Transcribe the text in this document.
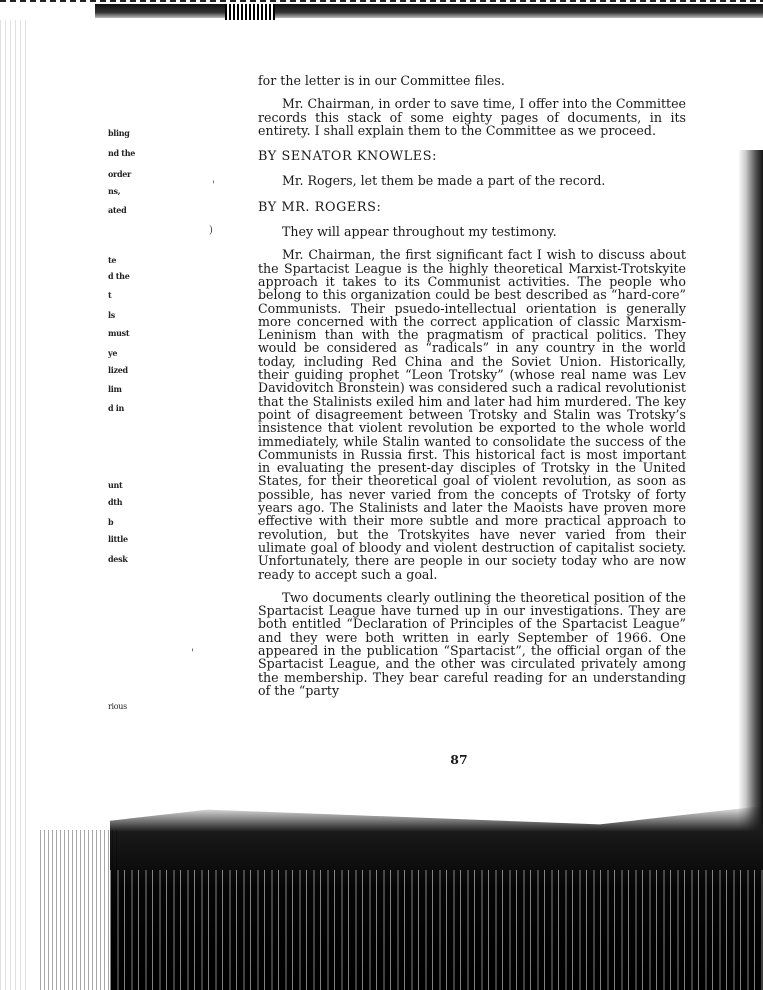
bling
nd the
order
ns,
ated
te
d the
t
ls
must
ye
lized
lim
d in
unt
dth
b
little
desk
rious
'
)
'

for the letter is in our Committee files.

Mr. Chairman, in order to save time, I offer into the Committee records this stack of some eighty pages of documents, in its entirety. I shall explain them to the Committee as we proceed.

BY SENATOR KNOWLES:

Mr. Rogers, let them be made a part of the record.

BY MR. ROGERS:

They will appear throughout my testimony.

Mr. Chairman, the first significant fact I wish to discuss about the Spartacist League is the highly theoretical Marxist-Trotskyite approach it takes to its Communist activities. The people who belong to this organization could be best described as “hard-core” Communists. Their psuedo-intellectual orientation is generally more concerned with the correct application of classic Marxism-Leninism than with the pragmatism of practical politics. They would be considered as “radicals” in any country in the world today, including Red China and the Soviet Union. Historically, their guiding prophet “Leon Trotsky” (whose real name was Lev Davidovitch Bronstein) was considered such a radical revolutionist that the Stalinists exiled him and later had him murdered. The key point of disagreement between Trotsky and Stalin was Trotsky’s insistence that violent revolution be exported to the whole world immediately, while Stalin wanted to consolidate the success of the Communists in Russia first. This historical fact is most important in evaluating the present-day disciples of Trotsky in the United States, for their theoretical goal of violent revolution, as soon as possible, has never varied from the concepts of Trotsky of forty years ago. The Stalinists and later the Maoists have proven more effective with their more subtle and more practical approach to revolution, but the Trotskyites have never varied from their ulimate goal of bloody and violent destruction of capitalist society. Unfortunately, there are people in our society today who are now ready to accept such a goal.

Two documents clearly outlining the theoretical position of the Spartacist League have turned up in our investigations. They are both entitled “Declaration of Principles of the Spartacist League” and they were both written in early September of 1966. One appeared in the publication “Spartacist”, the official organ of the Spartacist League, and the other was circulated privately among the membership. They bear careful reading for an understanding of the “party

87
